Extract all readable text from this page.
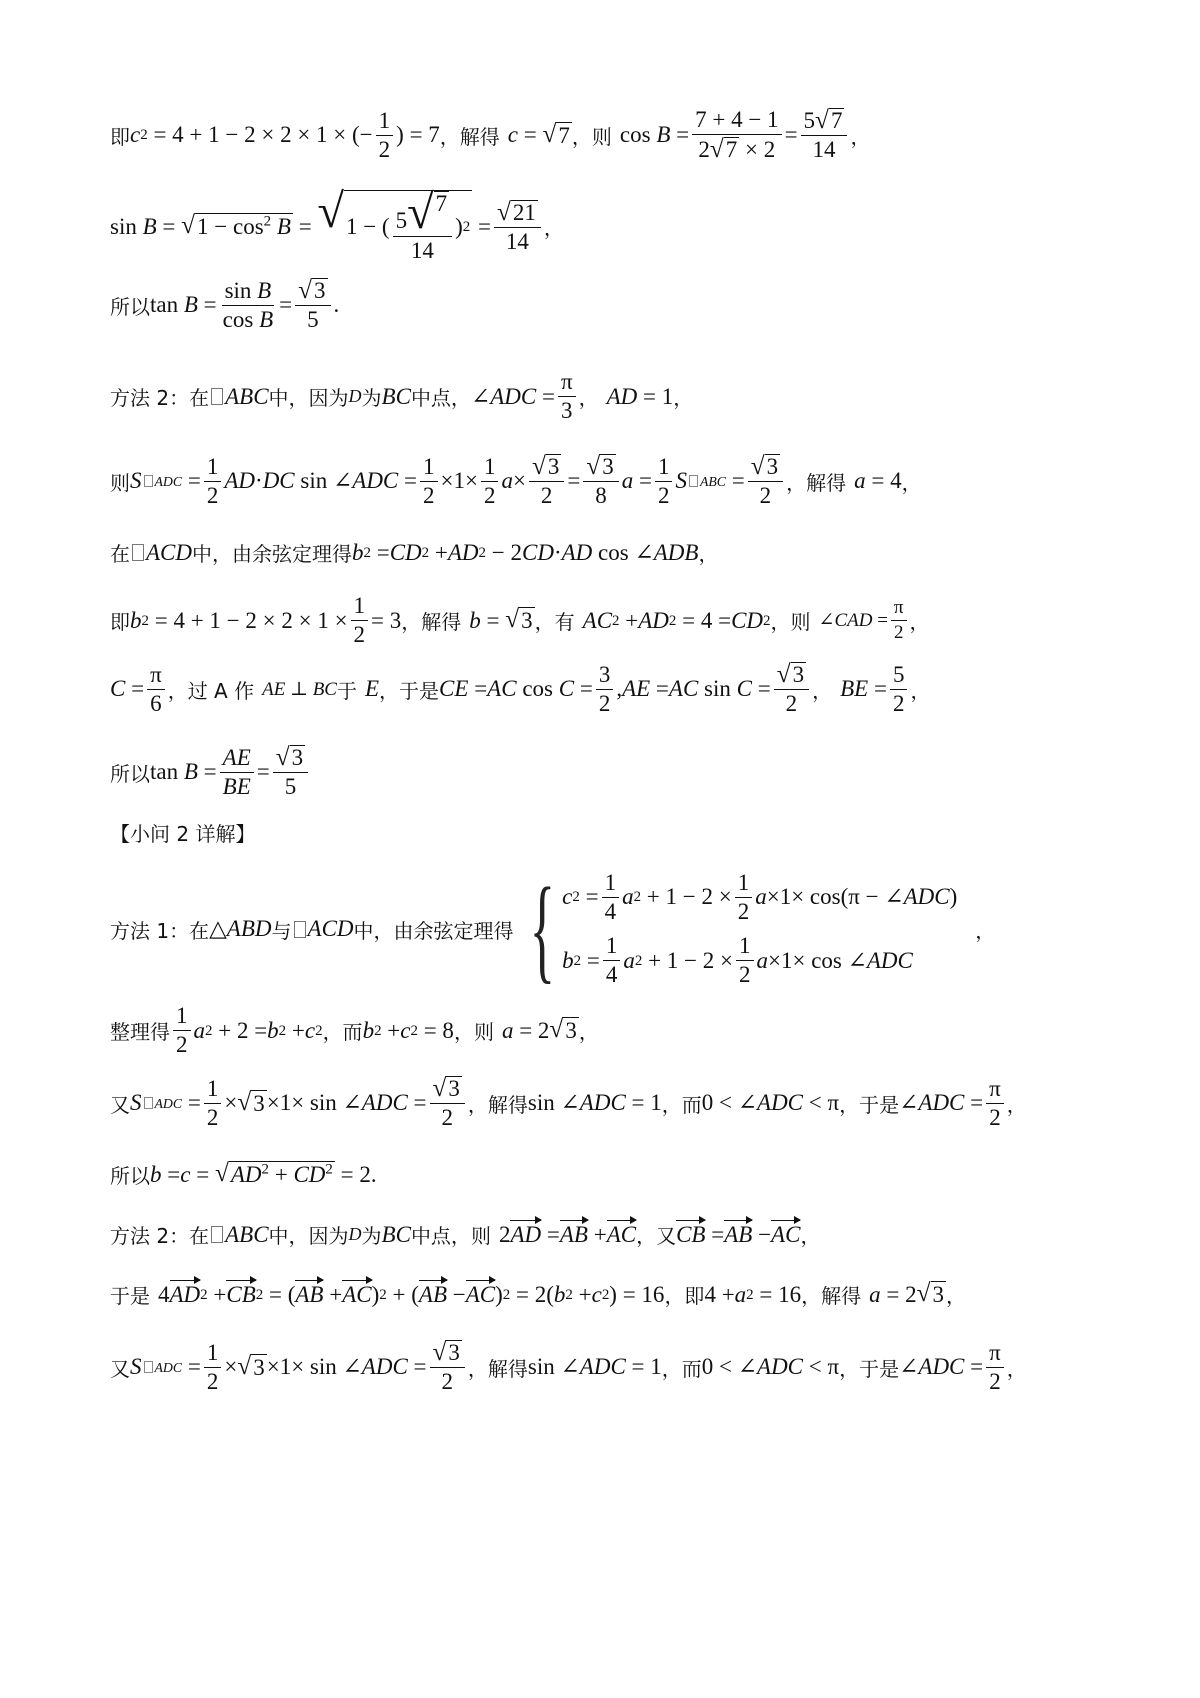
即 c 2 = 4 + 1 − 2 × 2 × 1 × (− $\frac{1}{2}$ ) = 7 ， 解得 c = √ 7 ， 则 $\cos B = \frac{7 + 4 - 1}{2 √ 7 \times 2} = \frac{5 √ 7}{14}$ ，
sin B = √ $1 - \cos^2 B$ = √ 1 − ( $\frac{5 √ 7}{14}$ ) $2 = \frac{√ 21}{14}$ ，
所以 $\tan B = \frac{\text{sin B}}{\text{cos B}} = \frac{√ 3}{5}$ .
方法 2：在 ABC 中，因为 D 为 BC 中点， ∠ ADC = $\frac{\pi}{3}$ ， AD = 1 ，
则 S ADC = $\frac{1}{2}$ AD · DC sin ∠ ADC = $\frac{1}{2} \times 1\times \frac{1}{2}$ $a \times \frac{√ 3}{2} = \frac{√ 3}{8}$ $a = \frac{1}{2}$ S ABC = $\frac{√ 3}{2}$ ， 解得 a = 4 ，
在 ACD 中，由余弦定理得 b 2 = CD 2 + AD 2 − 2 CD · AD cos ∠ ADB ，
即 b $2 = 4 + 1 - 2 \times 2 \times 1 \times \frac{1}{2} = 3$ ， 解得 b = √ 3 ， 有 AC 2 + AD 2 = 4 = CD 2 ， 则 ∠CAD = $\frac{\pi}{2}$ ，
$C = \frac{\pi}{6}$ ，过 A 作 AE ⊥ BC 于 E ，于是 CE = AC $\cos C = \frac{3}{2}$ , AE = AC $\sin C = \frac{√ 3}{2}$ ， BE = $\frac{5}{2}$ ，
所以 $\tan B = \frac{AE}{BE} = \frac{√ 3}{5}$
【小问 2 详解】
方法 1：在 △ ABD 与 ACD 中，由余弦定理得 { c $2 = \frac{1}{4}$ a $2 + 1 - 2 \times \frac{1}{2}$ a ×1× cos(π − ∠ ADC )
b $2 = \frac{1}{4}$ a $2 + 1 - 2 \times \frac{1}{2}$ a ×1× cos ∠ ADC
，
整理得 $\frac{1}{2}$ a 2 + 2 = b 2 + c 2 ，而 b 2 + c 2 = 8 ， 则 a = 2 √ 3 ，
又 S ADC = $\frac{1}{2}$ × √ 3 ×1× sin ∠ ADC = $\frac{√ 3}{2}$ ， 解得 sin ∠ ADC = 1 ，而 0 < ∠ ADC < π ，于是 ∠ ADC = $\frac{\pi}{2}$ ，
所以 b = c = √ $AD^2 + CD^2 = 2$ .
方法 2：在 ABC 中，因为 D 为 BC 中点， 则 2 AD = AB + AC ， 又 CB = AB − AC ，
于是 4 AD 2 + CB 2 = ( AB + AC ) 2 + ( AB − AC ) 2 = 2( b 2 + c 2 ) = 16 ，即 4 + a 2 = 16 ， 解得 a = 2 √ 3 ，
又 S ADC = $\frac{1}{2}$ × √ 3 ×1× sin ∠ ADC = $\frac{√ 3}{2}$ ， 解得 sin ∠ ADC = 1 ，而 0 < ∠ ADC < π ，于是 ∠ ADC = $\frac{\pi}{2}$ ，
